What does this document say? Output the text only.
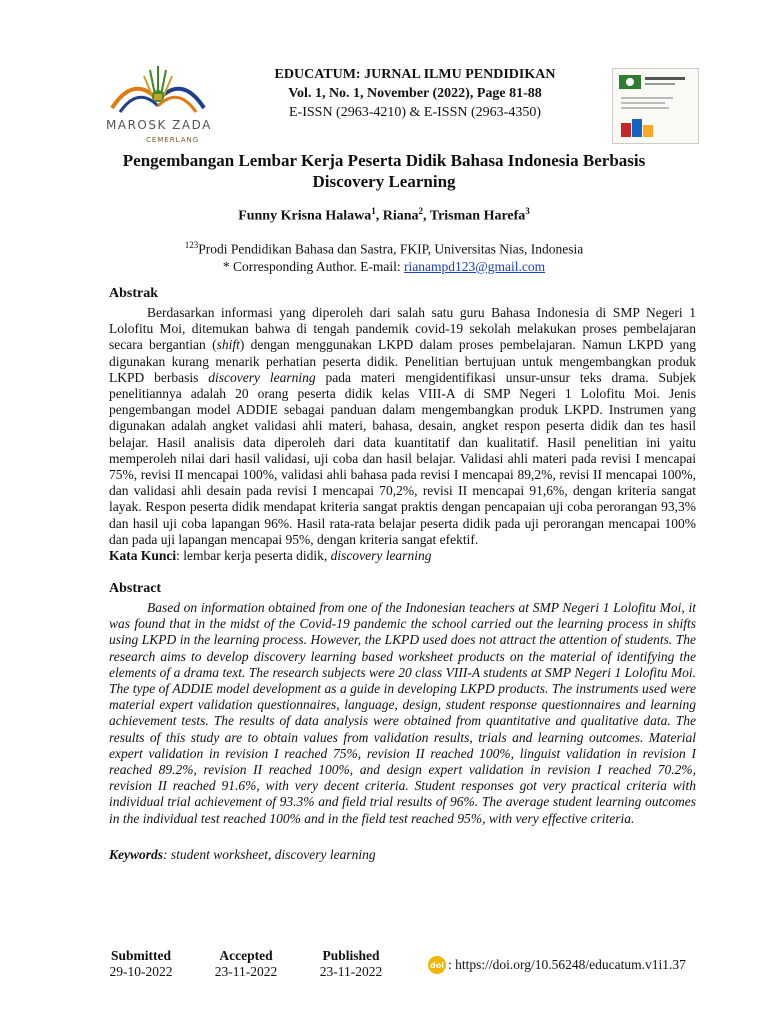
MAROSK ZADA
CEMERLANG
EDUCATUM: JURNAL ILMU PENDIDIKAN
Vol. 1, No. 1, November (2022), Page 81-88
E-ISSN (2963-4210) & E-ISSN (2963-4350)
Pengembangan Lembar Kerja Peserta Didik Bahasa Indonesia Berbasis Discovery Learning
Funny Krisna Halawa$^1$, Riana$^2$, Trisman Harefa$^3$
$^{123}$Prodi Pendidikan Bahasa dan Sastra, FKIP, Universitas Nias, Indonesia
* Corresponding Author. E-mail: rianampd123@gmail.com
Abstrak

Berdasarkan informasi yang diperoleh dari salah satu guru Bahasa Indonesia di SMP Negeri 1 Lolofitu Moi, ditemukan bahwa di tengah pandemik covid-19 sekolah melakukan proses pembelajaran secara bergantian (shift) dengan menggunakan LKPD dalam proses pembelajaran. Namun LKPD yang digunakan kurang menarik perhatian peserta didik. Penelitian bertujuan untuk mengembangkan produk LKPD berbasis discovery learning pada materi mengidentifikasi unsur-unsur teks drama. Subjek penelitiannya adalah 20 orang peserta didik kelas VIII-A di SMP Negeri 1 Lolofitu Moi. Jenis pengembangan model ADDIE sebagai panduan dalam mengembangkan produk LKPD. Instrumen yang digunakan adalah angket validasi ahli materi, bahasa, desain, angket respon peserta didik dan tes hasil belajar. Hasil analisis data diperoleh dari data kuantitatif dan kualitatif. Hasil penelitian ini yaitu memperoleh nilai dari hasil validasi, uji coba dan hasil belajar. Validasi ahli materi pada revisi I mencapai 75%, revisi II mencapai 100%, validasi ahli bahasa pada revisi I mencapai 89,2%, revisi II mencapai 100%, dan validasi ahli desain pada revisi I mencapai 70,2%, revisi II mencapai 91,6%, dengan kriteria sangat layak. Respon peserta didik mendapat kriteria sangat praktis dengan pencapaian uji coba perorangan 93,3% dan hasil uji coba lapangan 96%. Hasil rata-rata belajar peserta didik pada uji perorangan mencapai 100% dan pada uji lapangan mencapai 95%, dengan kriteria sangat efektif.

Kata Kunci: lembar kerja peserta didik, discovery learning
Abstract

Based on information obtained from one of the Indonesian teachers at SMP Negeri 1 Lolofitu Moi, it was found that in the midst of the Covid-19 pandemic the school carried out the learning process in shifts using LKPD in the learning process. However, the LKPD used does not attract the attention of students. The research aims to develop discovery learning based worksheet products on the material of identifying the elements of a drama text. The research subjects were 20 class VIII-A students at SMP Negeri 1 Lolofitu Moi. The type of ADDIE model development as a guide in developing LKPD products. The instruments used were material expert validation questionnaires, language, design, student response questionnaires and learning achievement tests. The results of data analysis were obtained from quantitative and qualitative data. The results of this study are to obtain values from validation results, trials and learning outcomes. Material expert validation in revision I reached 75%, revision II reached 100%, linguist validation in revision I reached 89.2%, revision II reached 100%, and design expert validation in revision I reached 70.2%, revision II reached 91.6%, with very decent criteria. Student responses got very practical criteria with individual trial achievement of 93.3% and field trial results of 96%. The average student learning outcomes in the individual test reached 100% and in the field test reached 95%, with very effective criteria.

Keywords: student worksheet, discovery learning
Submitted
29-10-2022
Accepted
23-11-2022
Published
23-11-2022	doi : https://doi.org/10.56248/educatum.v1i1.37
